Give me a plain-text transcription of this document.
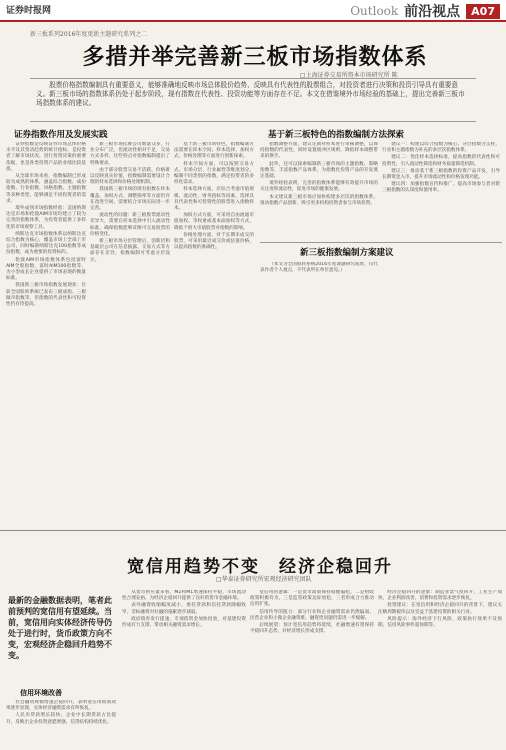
证券时报网	Outlook 前沿视点	A07
新三板系列2016年度更新主题研究系列之二
多措并举完善新三板市场指数体系
□上海证券交易所资本市场研究所 陈
股票价格指数编制具有重要意义，能够准确地反映市场总体股价趋势、反映具有代表性的股票组合，对投资者进行决策和投资引导具有重要意义。新三板市场的指数体系仍处于起步阶段，现有指数在代表性、投资功能等方面存在不足。本文在借鉴境外市场经验的基础上，提出完善新三板市场指数体系的建议。
证券指数作用及发展实践	基于新三板特色的指数编制方法探索

证券指数是反映证券市场总体价格水平及其变动趋势的统计指标，是投资者了解市场状况、进行投资决策的重要依据，也是各类投资产品的业绩比较基准。

从全球市场来看，指数编制已形成较为成熟的体系，涵盖综合指数、成份指数、行业指数、风格指数、主题指数等多种类型，能够满足不同投资者的需求。

境外成熟市场指数经验：美国纳斯达克市场和伦敦AIM市场均建立了较为完善的指数体系，为投资者提供了多样化的市场观察工具。

纳斯达克市场指数体系以纳斯达克综合指数为核心，覆盖市场上全部上市公司，同时编制纳斯达克100指数等成份指数，成为重要的投资标的。

伦敦AIM市场指数体系包括富时AIM全股指数、富时AIM100指数等，为小型成长企业提供了市场表现的衡量标准。

我国新三板市场指数发展现状：目前全国股转系统已发布三板成指、三板做市指数等，但指数的代表性和可投资性仍有待提高。

新三板市场挂牌公司数量众多，行业分布广泛，但流动性相对不足，交易方式多样，这些特点对指数编制提出了特殊要求。

由于部分股票交易不活跃，价格难以反映真实价值，指数编制需要设计合理的样本选择和价格处理机制。

我国新三板市场的现有指数在样本覆盖、加权方式、调整频率等方面仍存在改进空间，需要结合市场实际进一步完善。

流动性的问题：新三板股票流动性差异大，需要在样本选择中引入流动性标准，确保指数能够反映可交易股票的价格变化。

新三板市场分层管理后，创新层和基础层公司在信息披露、交易方式等方面存在差异，指数编制可考虑分层设计。

基于新三板市场特色，指数编制方法需要在样本空间、样本选择、加权方式、价格处理等方面进行创新探索。

样本空间方面，可以按照交易方式、市场分层、行业属性等维度划分，编制不同类别的指数，满足投资者的多样化需求。

样本选择方面，应综合考虑市值规模、流动性、财务指标等因素，选择具有代表性和可投资性的股票进入指数样本。

加权方式方面，可采用自由流通市值加权、等权重或基本面加权等方式，降低个别大市值股票对指数的影响。

价格处理方面，对于长期未成交的股票，可采用最近成交价或估值价格，以提高指数的准确性。

指数调整方面，建议定期对样本进行审核调整，以保持指数的代表性，同时设置缓冲区规则，降低样本调整带来的换手。

此外，还可以探索编制新三板市场的主题指数、策略指数等，丰富指数产品体系，为指数化投资产品的开发奠定基础。

境外经验表明，完善的指数体系能够有效提升市场的关注度和流动性，促进市场的健康发展。

本文建议新三板市场应加快构建多层次的指数体系，推动指数产品创新，吸引更多机构投资者参与市场投资。

建议一：构建以综合指数为核心、分层指数为支柱、行业和主题指数为补充的多层次指数体系。

建议二：优化样本选择标准，提高指数的代表性和可投资性，引入流动性筛选和财务质量筛选机制。

建议三：推动基于新三板指数的投资产品开发，引导长期资金入市，提升市场流动性和价格发现功能。

建议四：加强指数宣传和推广，提高市场参与者对新三板指数的认知度和使用率。

新三板指数编制方案建议

（本文为全国股转系统2016年度课题研究成果，仅代表作者个人观点，不代表所在单位意见。）

宽信用趋势不变　经济企稳回升
□华泰证券研究所宏观经济研究团队
最新的金融数据表明，笔者此前预判的宽信用有望延续。当前，宽信用向实体经济传导仍处于进行时，货币政策方向不变，宏观经济企稳回升趋势不变。
信用环境改善

社会融资规模增速企稳回升，表明宽信用政策效果逐步显现，实体经济融资需求有所恢复。

人民币贷款增长较快，企业中长期贷款占比提升，反映出企业投资意愿增强，信贷结构持续优化。

从货币供应量来看，M2和M1增速保持平稳，市场流动性合理充裕，为经济企稳回升提供了良好的货币金融环境。

表外融资收缩幅度减小，委托贷款和信托贷款降幅收窄，非标融资对社融的拖累逐步减弱。

政府债券发行提速，专项债资金加快投放，对基建投资形成有力支撑，带动相关融资需求增长。

宽信用的逻辑：一是货币政策保持稳健偏松，二是财政政策积极有为，三是监管政策边际放松，三者形成合力推动信用扩张。

信用传导的阻力：部分行业和企业融资需求仍然偏弱，民营企业和小微企业融资难、融资贵问题仍需进一步缓解。

后续展望：预计宽信用趋势将延续，社融增速有望保持平稳回升态势，对经济增长形成支撑。

经济企稳回升的迹象：制造业景气度回升，工业生产加快，企业利润改善，消费和投资需求逐步恢复。

投资建议：在宽信用和经济企稳回升的背景下，建议关注顺周期板块以及受益于基建投资的相关行业。

风险提示：海外经济下行风险，政策执行效果不及预期，信用风险事件超预期等。
